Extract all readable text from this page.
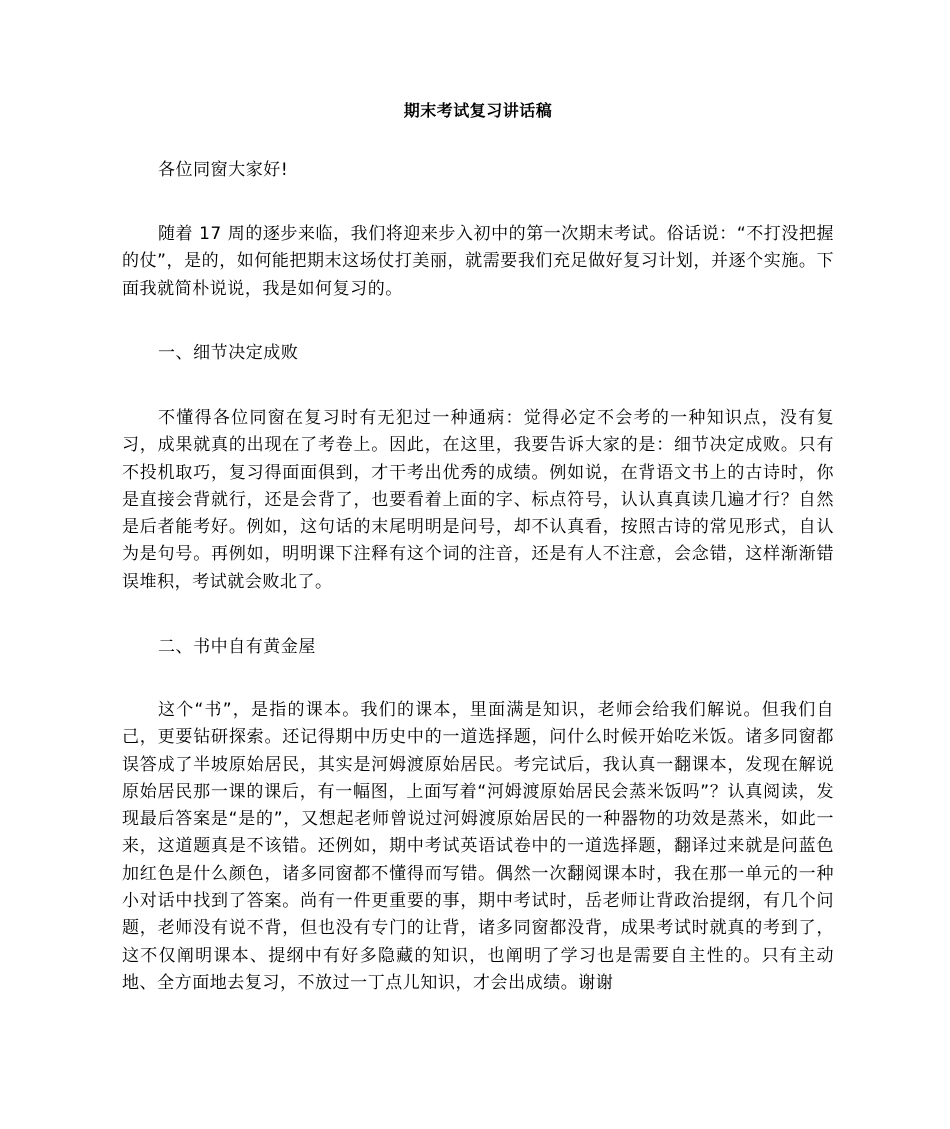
期末考试复习讲话稿

各位同窗大家好!

随着 17 周的逐步来临，我们将迎来步入初中的第一次期末考试。俗话说：“不打没把握的仗”，是的，如何能把期末这场仗打美丽，就需要我们充足做好复习计划，并逐个实施。下面我就简朴说说，我是如何复习的。

一、细节决定成败

不懂得各位同窗在复习时有无犯过一种通病：觉得必定不会考的一种知识点，没有复习，成果就真的出现在了考卷上。因此，在这里，我要告诉大家的是：细节决定成败。只有不投机取巧，复习得面面俱到，才干考出优秀的成绩。例如说，在背语文书上的古诗时，你是直接会背就行，还是会背了，也要看着上面的字、标点符号，认认真真读几遍才行？自然是后者能考好。例如，这句话的末尾明明是问号，却不认真看，按照古诗的常见形式，自认为是句号。再例如，明明课下注释有这个词的注音，还是有人不注意，会念错，这样渐渐错误堆积，考试就会败北了。

二、书中自有黄金屋

这个“书”，是指的课本。我们的课本，里面满是知识，老师会给我们解说。但我们自己，更要钻研探索。还记得期中历史中的一道选择题，问什么时候开始吃米饭。诸多同窗都误答成了半坡原始居民，其实是河姆渡原始居民。考完试后，我认真一翻课本，发现在解说原始居民那一课的课后，有一幅图，上面写着“河姆渡原始居民会蒸米饭吗”？认真阅读，发现最后答案是“是的”，又想起老师曾说过河姆渡原始居民的一种器物的功效是蒸米，如此一来，这道题真是不该错。还例如，期中考试英语试卷中的一道选择题，翻译过来就是问蓝色加红色是什么颜色，诸多同窗都不懂得而写错。偶然一次翻阅课本时，我在那一单元的一种小对话中找到了答案。尚有一件更重要的事，期中考试时，岳老师让背政治提纲，有几个问题，老师没有说不背，但也没有专门的让背，诸多同窗都没背，成果考试时就真的考到了，这不仅阐明课本、提纲中有好多隐藏的知识，也阐明了学习也是需要自主性的。只有主动地、全方面地去复习，不放过一丁点儿知识，才会出成绩。谢谢
